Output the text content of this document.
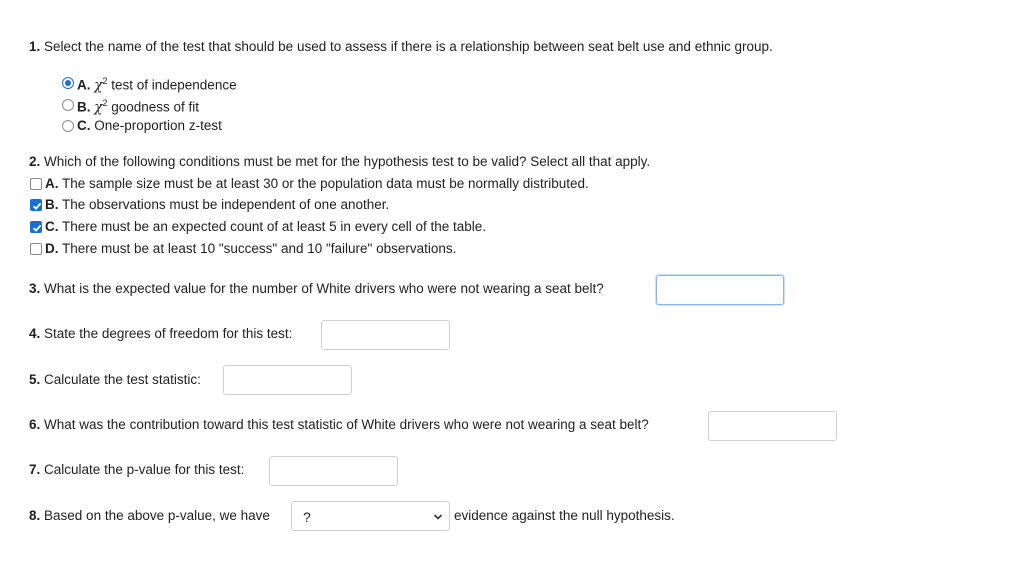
1. Select the name of the test that should be used to assess if there is a relationship between seat belt use and ethnic group.
A. $\chi^2$ test of independence
B. $\chi^2$ goodness of fit
C. One-proportion z-test
2. Which of the following conditions must be met for the hypothesis test to be valid? Select all that apply.
A. The sample size must be at least 30 or the population data must be normally distributed.
B. The observations must be independent of one another.
C. There must be an expected count of at least 5 in every cell of the table.
D. There must be at least 10 "success" and 10 "failure" observations.
3. What is the expected value for the number of White drivers who were not wearing a seat belt?
4. State the degrees of freedom for this test:
5. Calculate the test statistic:
6. What was the contribution toward this test statistic of White drivers who were not wearing a seat belt?
7. Calculate the p-value for this test:
8. Based on the above p-value, we have ?	evidence against the null hypothesis.
